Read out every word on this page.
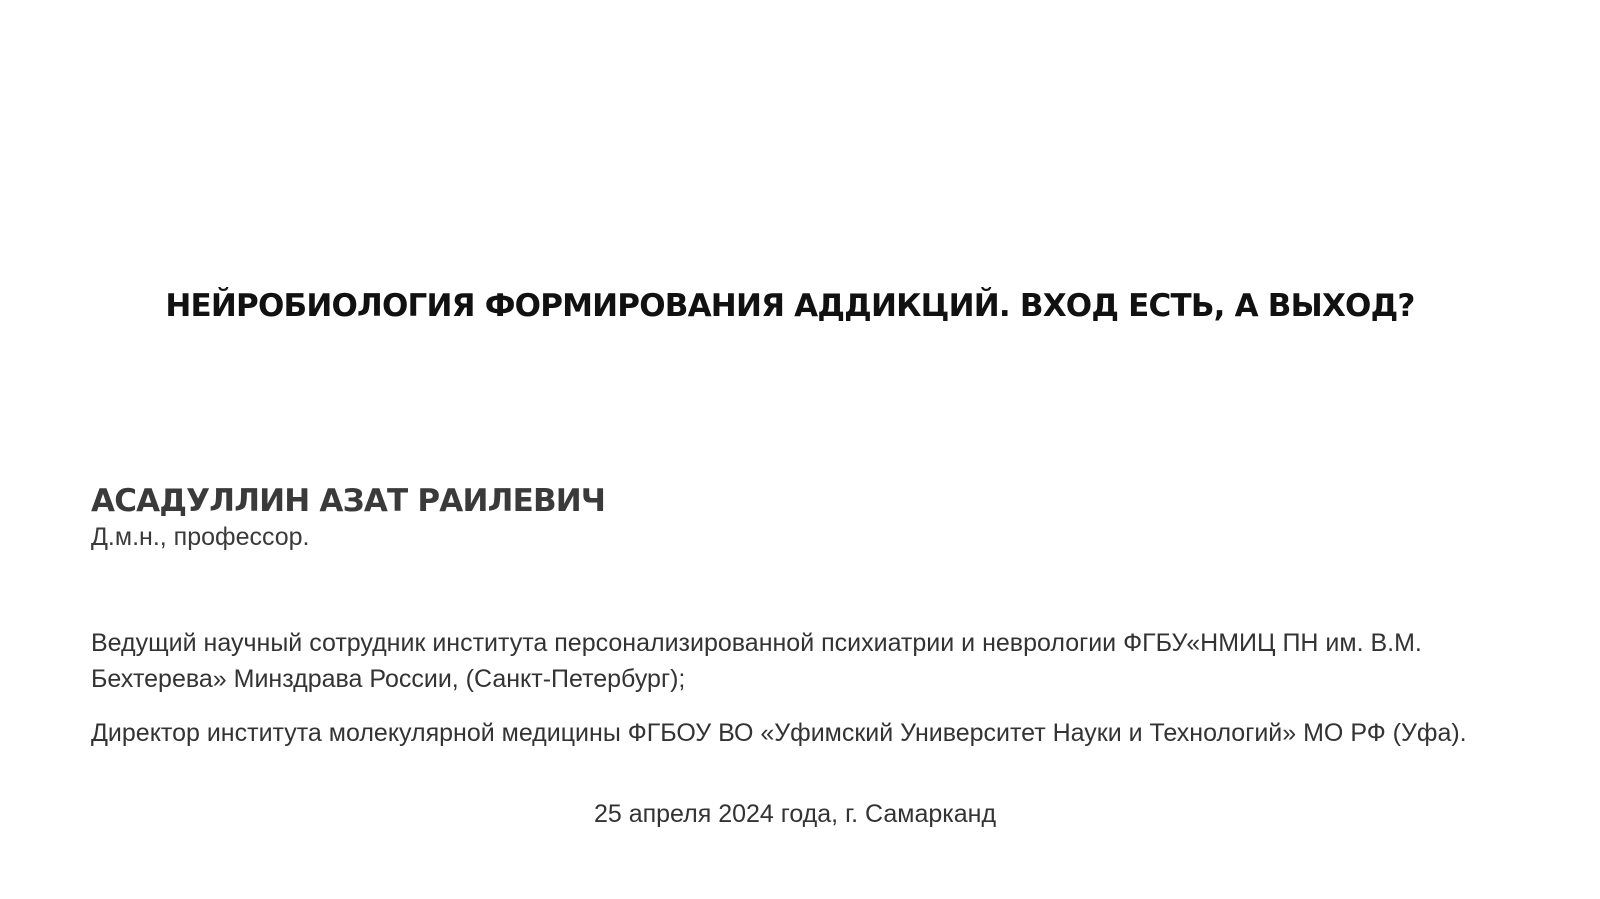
НЕЙРОБИОЛОГИЯ ФОРМИРОВАНИЯ АДДИКЦИЙ. ВХОД ЕСТЬ, А ВЫХОД?
АСАДУЛЛИН АЗАТ РАИЛЕВИЧ
Д.м.н., профессор.
Ведущий научный сотрудник института персонализированной психиатрии и неврологии ФГБУ«НМИЦ ПН им. В.М. Бехтерева» Минздрава России, (Санкт-Петербург);
Директор института молекулярной медицины ФГБОУ ВО «Уфимский Университет Науки и Технологий» МО РФ (Уфа).
25 апреля 2024 года, г. Самарканд
